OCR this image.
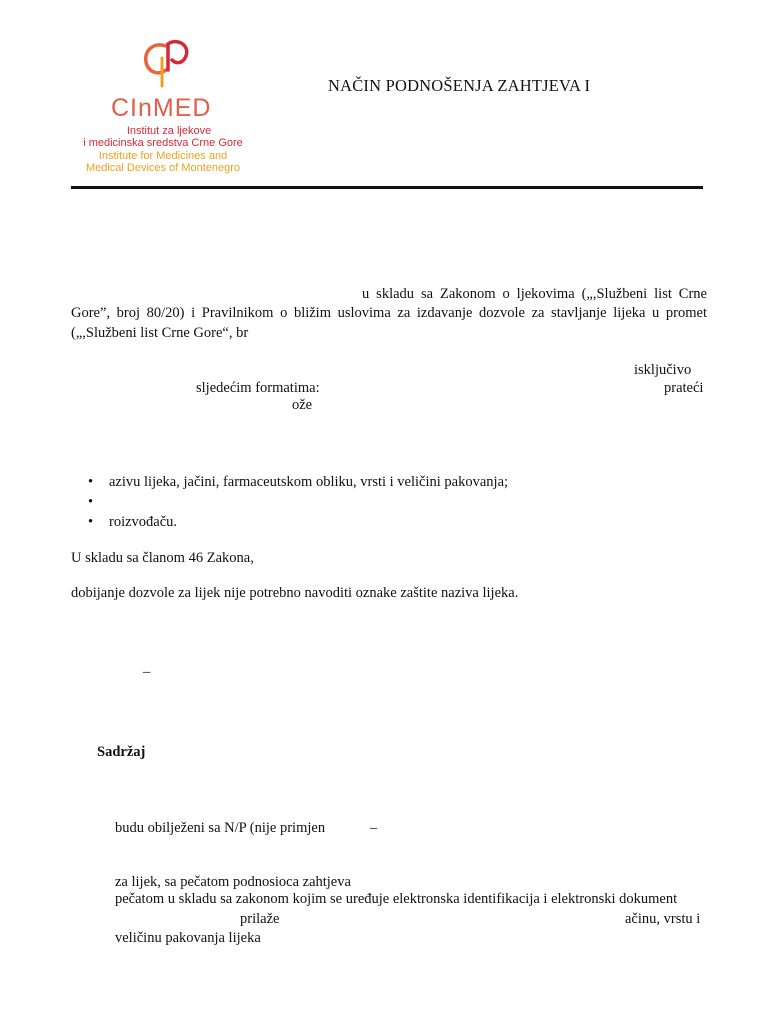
CInMED
Institut za ljekove
i medicinska sredstva Crne Gore
Institute for Medicines and
Medical Devices of Montenegro
NAČIN PODNOŠENJA ZAHTJEVA I
u skladu sa Zakonom o ljekovima („,Službeni list Crne
Gore”, broj 80/20) i Pravilnikom o bližim uslovima za izdavanje dozvole za stavljanje lijeka u promet
(„,Službeni list Crne Gore“, br
isključivo
sljedećim formatima:	prateći
ože
• azivu lijeka, jačini, farmaceutskom obliku, vrsti i veličini pakovanja;
•
• roizvođaču.
U skladu sa članom 46 Zakona,
dobijanje dozvole za lijek nije potrebno navoditi oznake zaštite naziva lijeka.
–
Sadržaj
budu obilježeni sa N/P (nije primjen	–
za lijek, sa pečatom podnosioca zahtjeva
pečatom u skladu sa zakonom kojim se uređuje elektronska identifikacija i elektronski dokument
prilaže	ačinu, vrstu i
veličinu pakovanja lijeka
